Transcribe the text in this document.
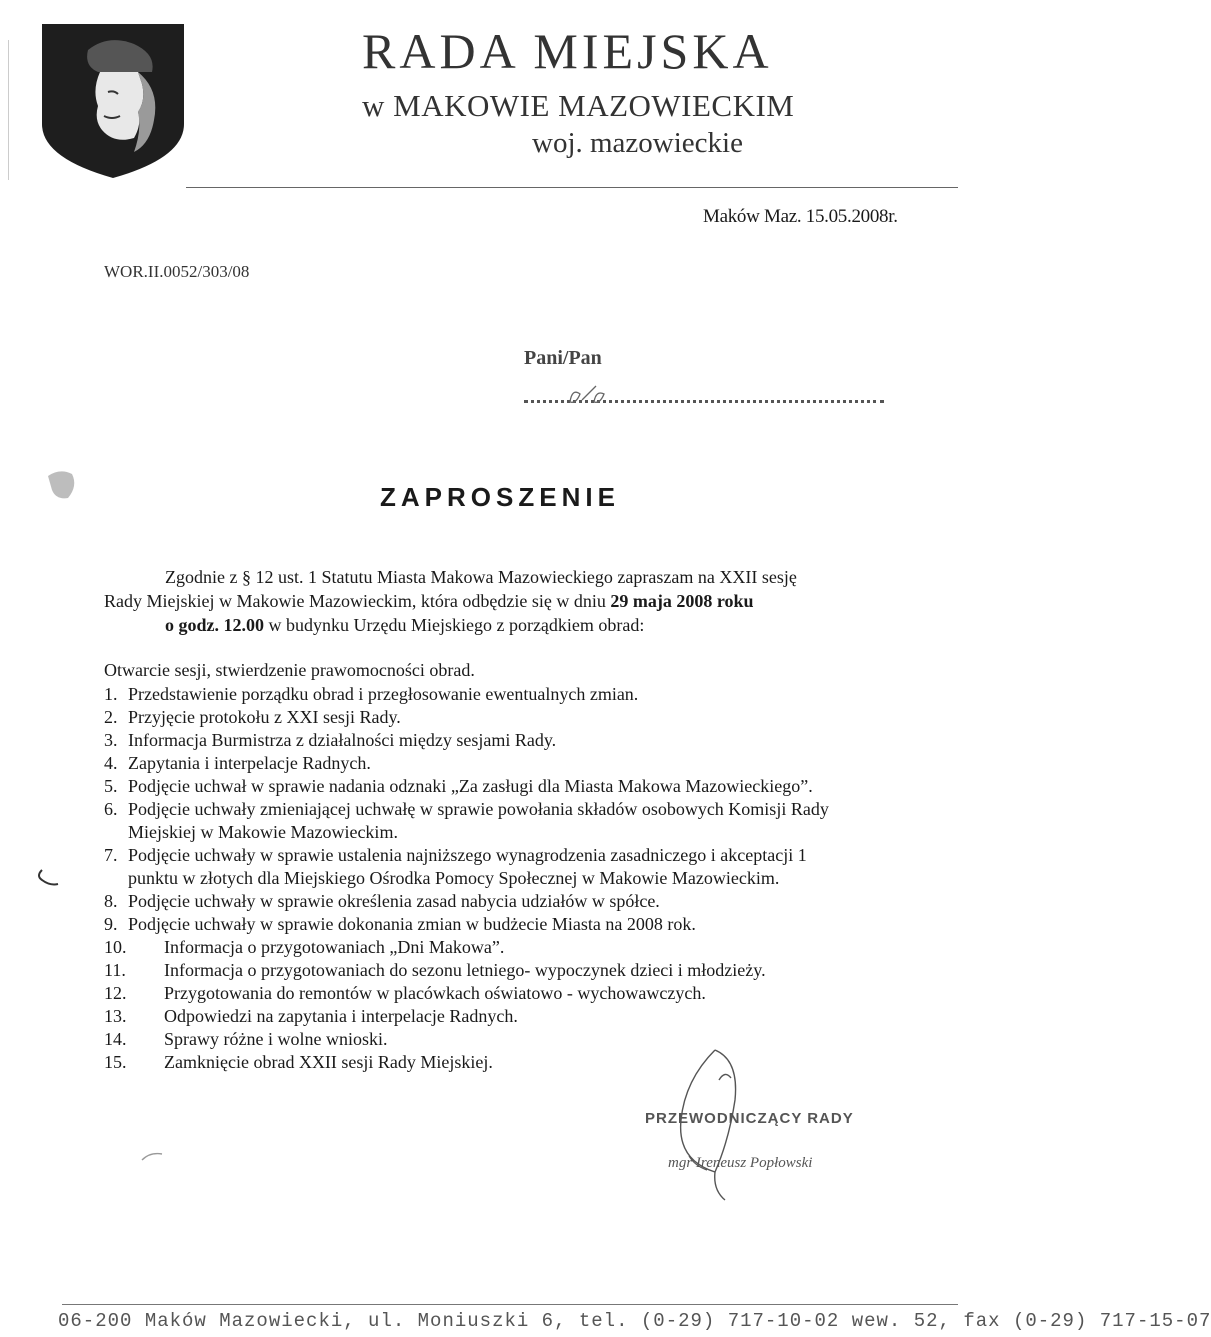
RADA MIEJSKA
w MAKOWIE MAZOWIECKIM
woj. mazowieckie
Maków Maz. 15.05.2008r.
WOR.II.0052/303/08
Pani/Pan
ZAPROSZENIE
Zgodnie z § 12 ust. 1 Statutu Miasta Makowa Mazowieckiego zapraszam na XXII sesję
Rady Miejskiej w Makowie Mazowieckim, która odbędzie się w dniu 29 maja 2008 roku
o godz. 12.00 w budynku Urzędu Miejskiego z porządkiem obrad:
Otwarcie sesji, stwierdzenie prawomocności obrad.
1. Przedstawienie porządku obrad i przegłosowanie ewentualnych zmian.
2. Przyjęcie protokołu z XXI sesji Rady.
3. Informacja Burmistrza z działalności między sesjami Rady.
4. Zapytania i interpelacje Radnych.
5. Podjęcie uchwał w sprawie nadania odznaki „Za zasługi dla Miasta Makowa Mazowieckiego”.
6. Podjęcie uchwały zmieniającej uchwałę w sprawie powołania składów osobowych Komisji Rady
Miejskiej w Makowie Mazowieckim.
7. Podjęcie uchwały w sprawie ustalenia najniższego wynagrodzenia zasadniczego i akceptacji 1
punktu w złotych dla Miejskiego Ośrodka Pomocy Społecznej w Makowie Mazowieckim.
8. Podjęcie uchwały w sprawie określenia zasad nabycia udziałów w spółce.
9. Podjęcie uchwały w sprawie dokonania zmian w budżecie Miasta na 2008 rok.
10.	Informacja o przygotowaniach „Dni Makowa”.
11.	Informacja o przygotowaniach do sezonu letniego- wypoczynek dzieci i młodzieży.
12.	Przygotowania do remontów w placówkach oświatowo - wychowawczych.
13.	Odpowiedzi na zapytania i interpelacje Radnych.
14.	Sprawy różne i wolne wnioski.
15.	Zamknięcie obrad XXII sesji Rady Miejskiej.
PRZEWODNICZĄCY RADY
mgr Ireneusz Popłowski
06-200 Maków Mazowiecki, ul. Moniuszki 6, tel. (0-29) 717-10-02 wew. 52, fax (0-29) 717-15-07
